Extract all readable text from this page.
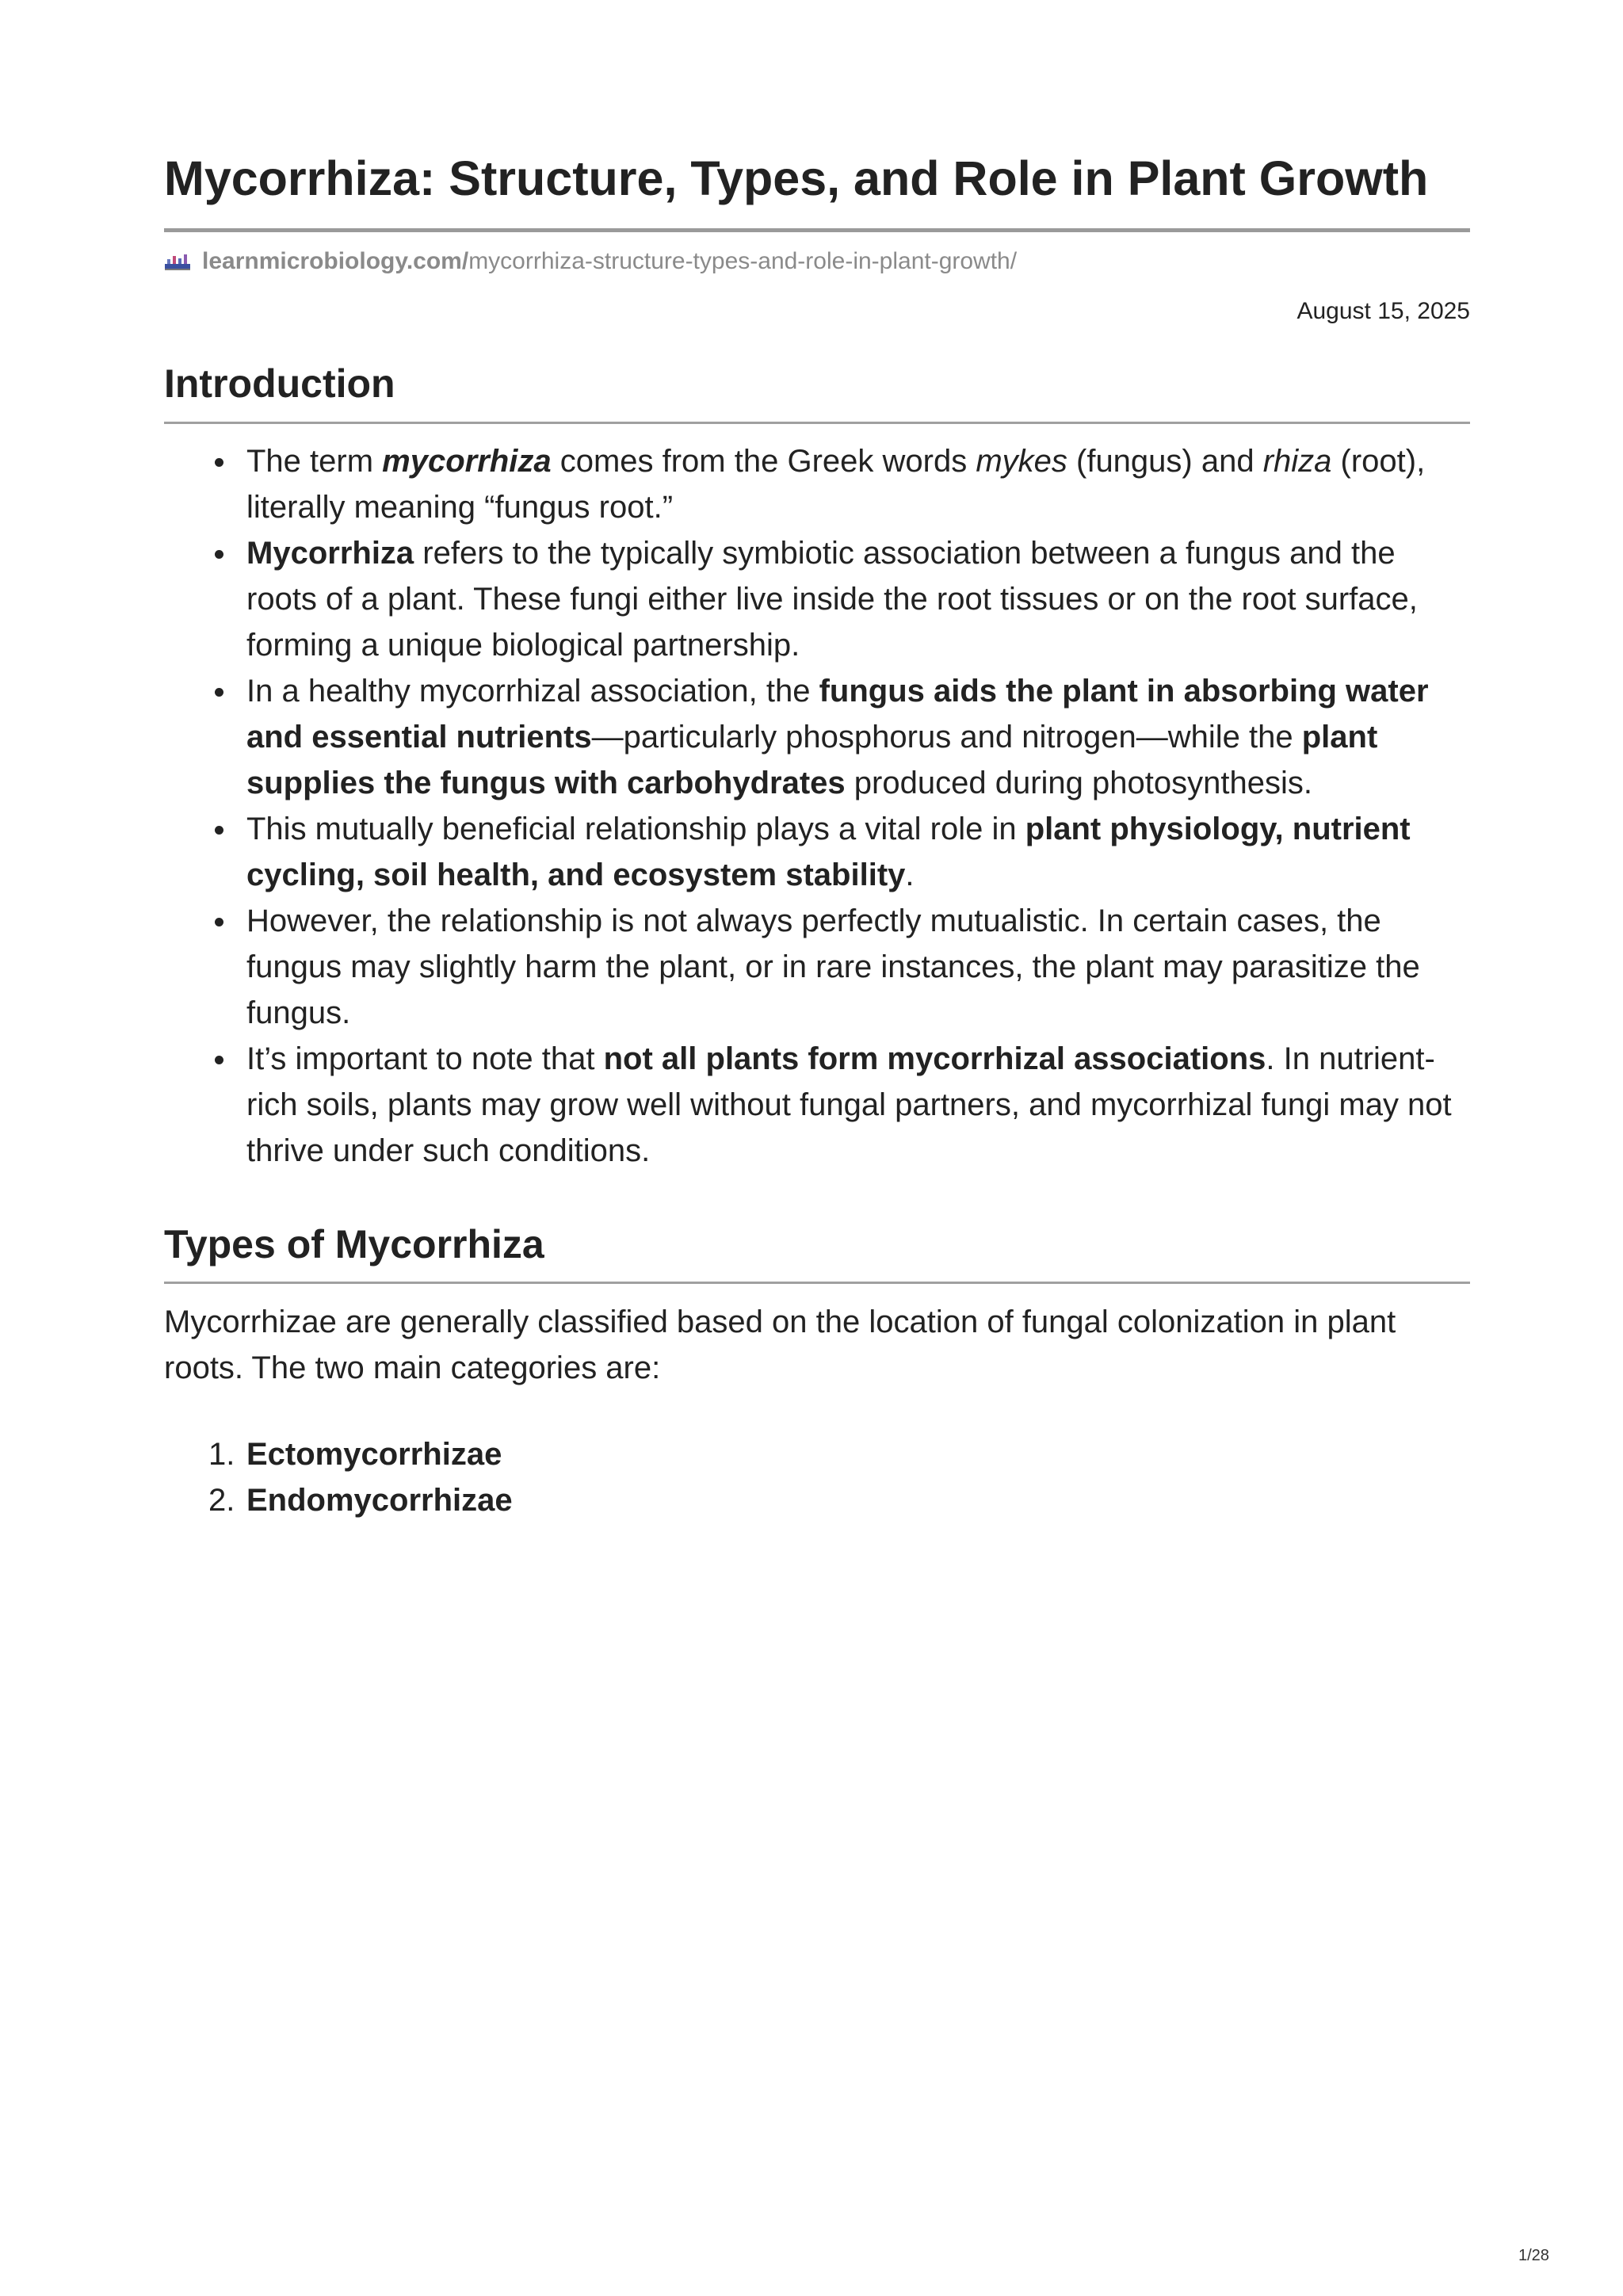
Mycorrhiza: Structure, Types, and Role in Plant Growth
learnmicrobiology.com/ mycorrhiza-structure-types-and-role-in-plant-growth/
August 15, 2025
Introduction
The term mycorrhiza comes from the Greek words mykes (fungus) and rhiza (root), literally meaning “fungus root.”
Mycorrhiza refers to the typically symbiotic association between a fungus and the roots of a plant. These fungi either live inside the root tissues or on the root surface, forming a unique biological partnership.
In a healthy mycorrhizal association, the fungus aids the plant in absorbing water and essential nutrients—particularly phosphorus and nitrogen—while the plant supplies the fungus with carbohydrates produced during photosynthesis.
This mutually beneficial relationship plays a vital role in plant physiology, nutrient cycling, soil health, and ecosystem stability.
However, the relationship is not always perfectly mutualistic. In certain cases, the fungus may slightly harm the plant, or in rare instances, the plant may parasitize the fungus.
It’s important to note that not all plants form mycorrhizal associations. In nutrient-rich soils, plants may grow well without fungal partners, and mycorrhizal fungi may not thrive under such conditions.
Types of Mycorrhiza

Mycorrhizae are generally classified based on the location of fungal colonization in plant roots. The two main categories are:

1. Ectomycorrhizae
2. Endomycorrhizae
1/28
